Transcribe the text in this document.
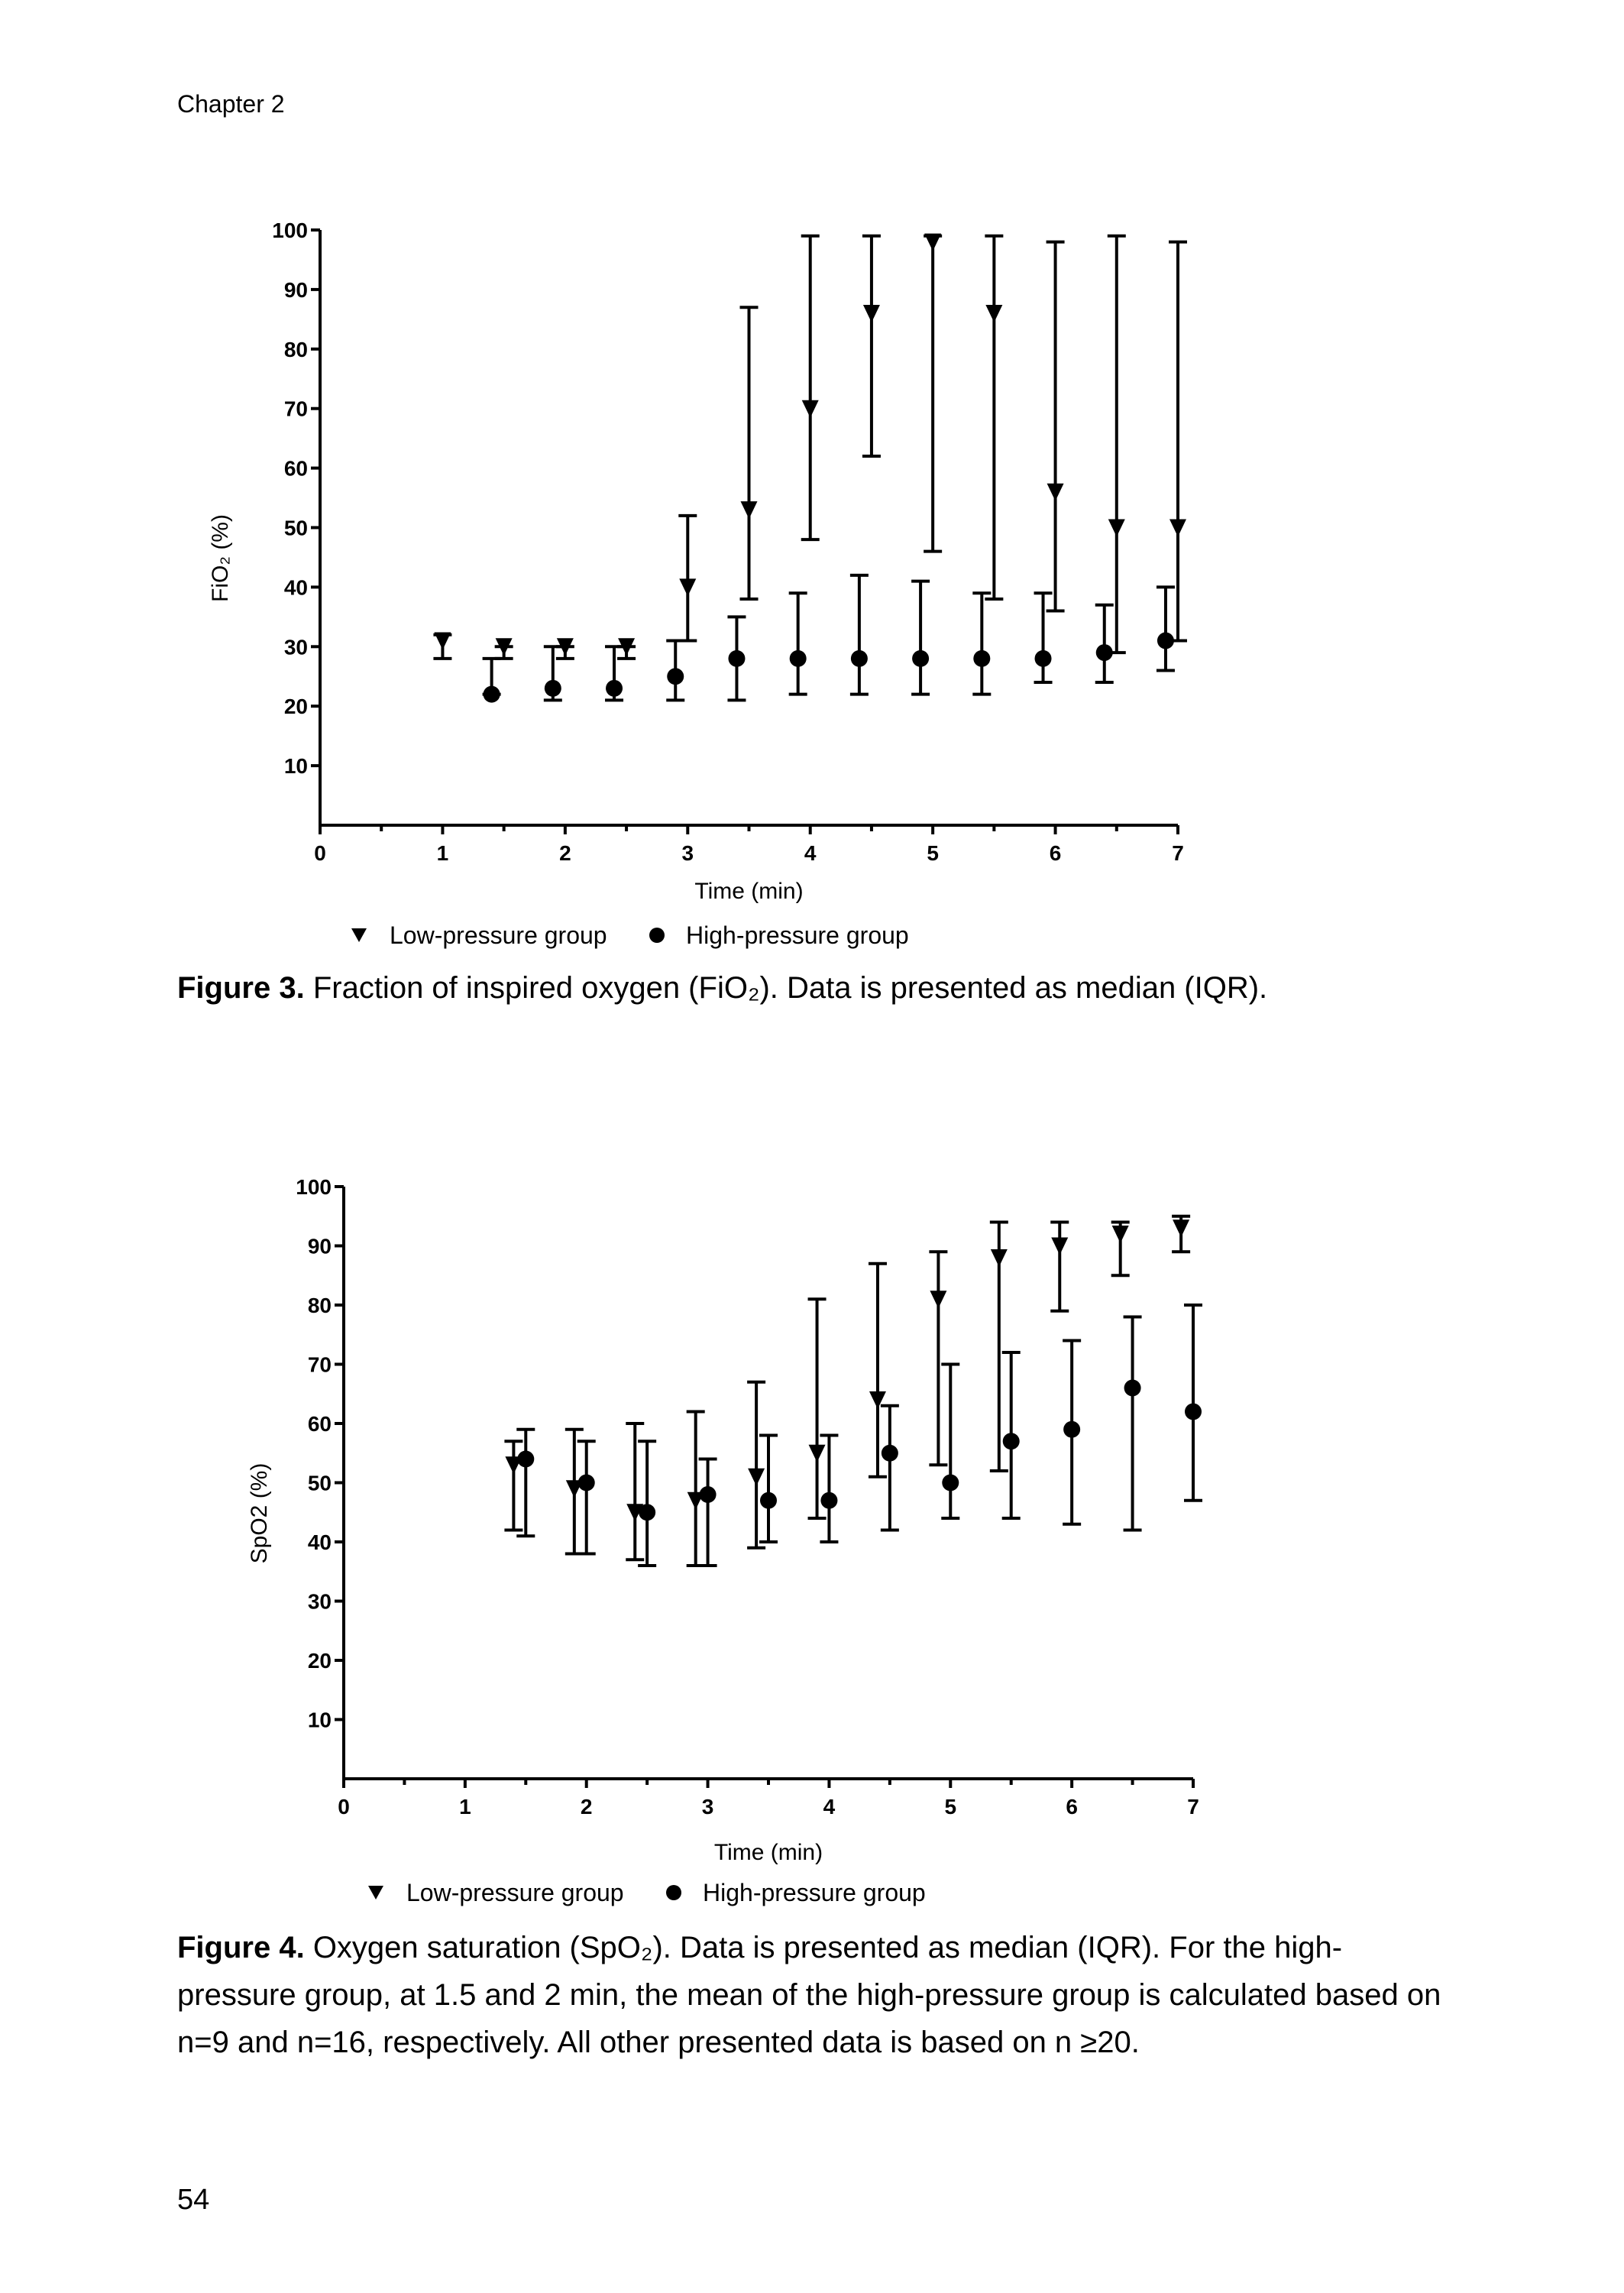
Chapter 2
10
20
30
40
50
60
70
80
90
100
0	1	2	3	4	5	6	7
Time (min)
FiO₂ (%)
Low-pressure group	High-pressure group
Figure 3. Fraction of inspired oxygen (FiO₂). Data is presented as median (IQR).
10
20
30
40
50
60
70
80
90
100
0	1	2	3	4	5	6	7
Time (min)
SpO2 (%)
Low-pressure group	High-pressure group
Figure 4. Oxygen saturation (SpO₂). Data is presented as median (IQR). For the high-pressure group, at 1.5 and 2 min, the mean of the high-pressure group is calculated based on n=9 and n=16, respectively. All other presented data is based on n ≥20.
54
